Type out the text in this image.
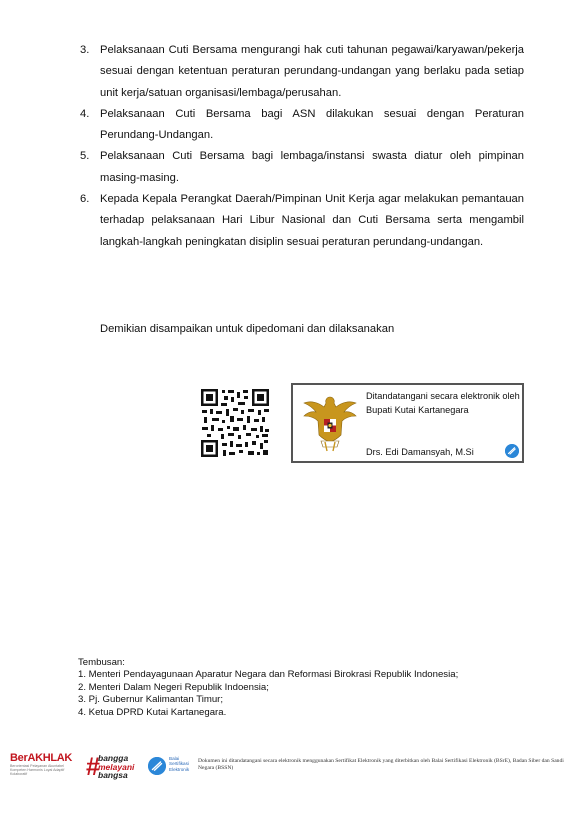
3. Pelaksanaan Cuti Bersama mengurangi hak cuti tahunan pegawai/karyawan/pekerja sesuai dengan ketentuan peraturan perundang-undangan yang berlaku pada setiap unit kerja/satuan organisasi/lembaga/perusahan.
4. Pelaksanaan Cuti Bersama bagi ASN dilakukan sesuai dengan Peraturan Perundang-Undangan.
5. Pelaksanaan Cuti Bersama bagi lembaga/instansi swasta diatur oleh pimpinan masing-masing.
6. Kepada Kepala Perangkat Daerah/Pimpinan Unit Kerja agar melakukan pemantauan terhadap pelaksanaan Hari Libur Nasional dan Cuti Bersama serta mengambil langkah-langkah peningkatan disiplin sesuai peraturan perundang-undangan.
Demikian disampaikan untuk dipedomani dan dilaksanakan
Ditandatangani secara elektronik oleh
Bupati Kutai Kartanegara
Drs. Edi Damansyah, M.Si
Tembusan:
1. Menteri Pendayagunaan Aparatur Negara dan Reformasi Birokrasi Republik Indonesia;
2. Menteri Dalam Negeri Republik Indoensia;
3. Pj. Gubernur Kalimantan Timur;
4. Ketua DPRD Kutai Kartanegara.
BerAKHLAK
Berorientasi Pelayanan Akuntabel Kompeten Harmonis Loyal Adaptif Kolaboratif	#
bangga
melayani
bangsa
Balai
Sertifikasi
Elektronik
Dokumen ini ditandatangani secara elektronik menggunakan Sertifikat Elektronik yang diterbitkan oleh Balai Sertifikasi Elektronik (BSrE), Badan Siber dan Sandi Negara (BSSN)
